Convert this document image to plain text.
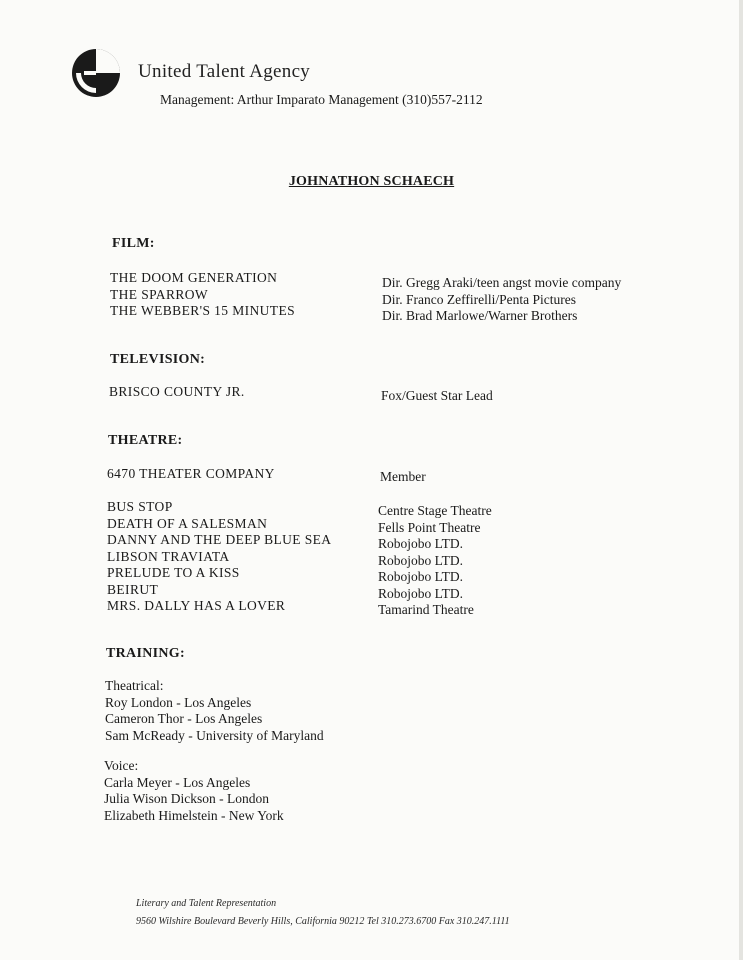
United Talent Agency
Management: Arthur Imparato Management (310)557-2112
JOHNATHON SCHAECH
FILM:
THE DOOM GENERATION
THE SPARROW
THE WEBBER'S 15 MINUTES
Dir. Gregg Araki/teen angst movie company
Dir. Franco Zeffirelli/Penta Pictures
Dir. Brad Marlowe/Warner Brothers
TELEVISION:
BRISCO COUNTY JR.	Fox/Guest Star Lead
THEATRE:
6470 THEATER COMPANY	Member
BUS STOP
DEATH OF A SALESMAN
DANNY AND THE DEEP BLUE SEA
LIBSON TRAVIATA
PRELUDE TO A KISS
BEIRUT
MRS. DALLY HAS A LOVER
Centre Stage Theatre
Fells Point Theatre
Robojobo LTD.
Robojobo LTD.
Robojobo LTD.
Robojobo LTD.
Tamarind Theatre
TRAINING:
Theatrical:
Roy London - Los Angeles
Cameron Thor - Los Angeles
Sam McReady - University of Maryland
Voice:
Carla Meyer - Los Angeles
Julia Wison Dickson - London
Elizabeth Himelstein - New York
Literary and Talent Representation
9560 Wilshire Boulevard Beverly Hills, California 90212 Tel 310.273.6700 Fax 310.247.1111
